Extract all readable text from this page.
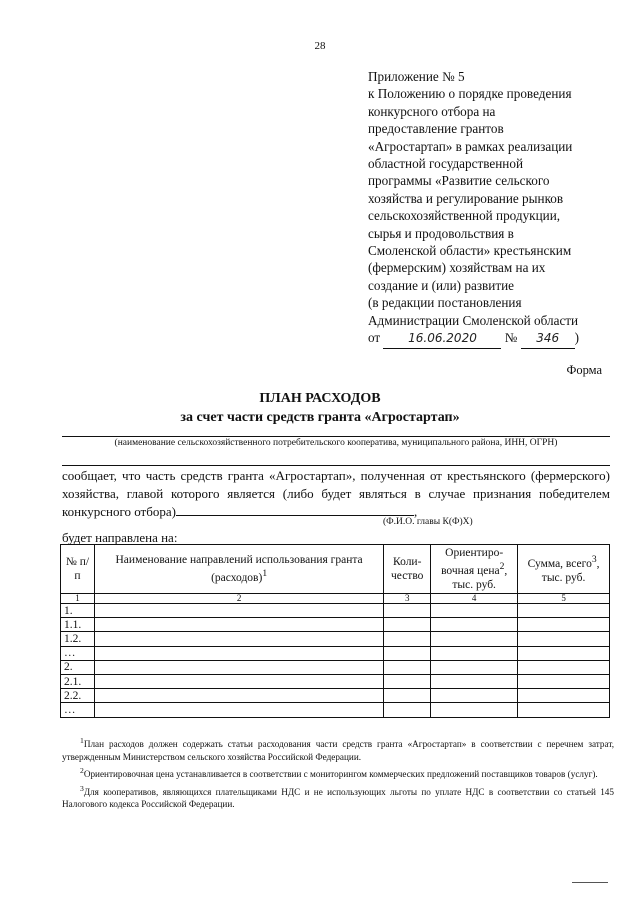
28
Приложение № 5
к Положению о порядке проведения
конкурсного отбора на
предоставление грантов
«Агростартап» в рамках реализации
областной государственной
программы «Развитие сельского
хозяйства и регулирование рынков
сельскохозяйственной продукции,
сырья и продовольствия в
Смоленской области» крестьянским
(фермерским) хозяйствам на их
создание и (или) развитие
(в редакции постановления
Администрации Смоленской области
от 16.06.2020 № 346 )
Форма
ПЛАН РАСХОДОВ
за счет части средств гранта «Агростартап»
(наименование сельскохозяйственного потребительского кооператива, муниципального района, ИНН, ОГРН)
сообщает, что часть средств гранта «Агростартап», полученная от крестьянского (фермерского) хозяйства, главой которого является (либо будет являться в случае признания победителем конкурсного отбора)	,
(Ф.И.О. главы К(Ф)Х)
будет направлена на:
№ п/п	Наименование направлений использования гранта (расходов)$^1$	Коли-чество	Ориентиро-вочная цена$^2$, тыс. руб.	Сумма, всего$^3$, тыс. руб.
1	2	3	4	5
1.				
1.1.				
1.2.				
…				
2.				
2.1.				
2.2.				
…				

$^1$План расходов должен содержать статьи расходования части средств гранта «Агростартап» в соответствии с перечнем затрат, утвержденным Министерством сельского хозяйства Российской Федерации.

$^2$Ориентировочная цена устанавливается в соответствии с мониторингом коммерческих предложений поставщиков товаров (услуг).

$^3$Для кооперативов, являющихся плательщиками НДС и не использующих льготы по уплате НДС в соответствии со статьей 145 Налогового кодекса Российской Федерации.
